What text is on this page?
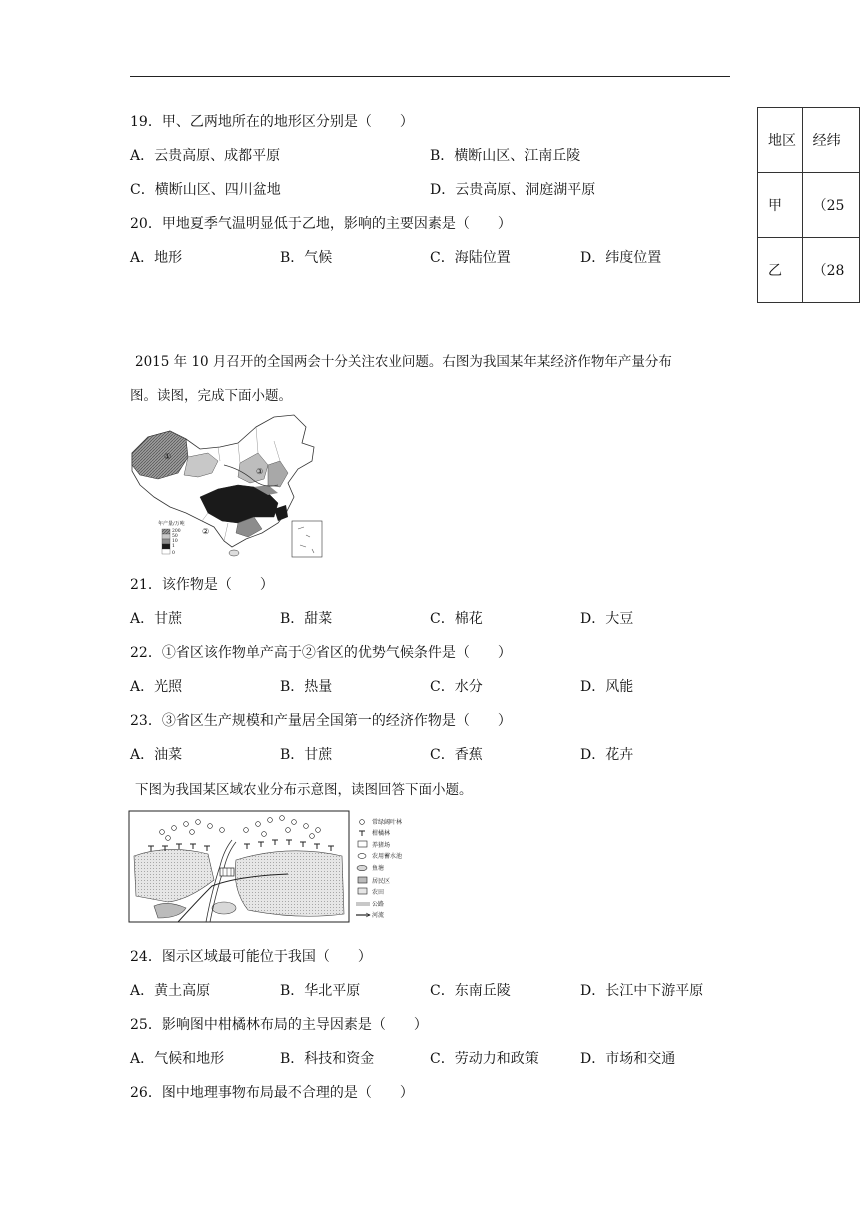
19．甲、乙两地所在的地形区分别是（　　）
A．云贵高原、成都平原	B．横断山区、江南丘陵
C．横断山区、四川盆地	D．云贵高原、洞庭湖平原
20．甲地夏季气温明显低于乙地，影响的主要因素是（　　）
A．地形	B．气候	C．海陆位置	D．纬度位置
地区	经纬
甲	（25
乙	（28
2015 年 10 月召开的全国两会十分关注农业问题。右图为我国某年某经济作物年产量分布
图。读图，完成下面小题。
①
②
③
年产量/万吨
200
50
10
1
0
21．该作物是（　　）
A．甘蔗	B．甜菜	C．棉花	D．大豆
22．①省区该作物单产高于②省区的优势气候条件是（　　）
A．光照	B．热量	C．水分	D．风能
23．③省区生产规模和产量居全国第一的经济作物是（　　）
A．油菜	B．甘蔗	C．香蕉	D．花卉
下图为我国某区域农业分布示意图，读图回答下面小题。
常绿阔叶林
柑橘林
养猪场
农用蓄水池
鱼塘
居民区
农田
公路
河流
24．图示区域最可能位于我国（　　）
A．黄土高原	B．华北平原	C．东南丘陵	D．长江中下游平原
25．影响图中柑橘林布局的主导因素是（　　）
A．气候和地形	B．科技和资金	C．劳动力和政策	D．市场和交通
26．图中地理事物布局最不合理的是（　　）
